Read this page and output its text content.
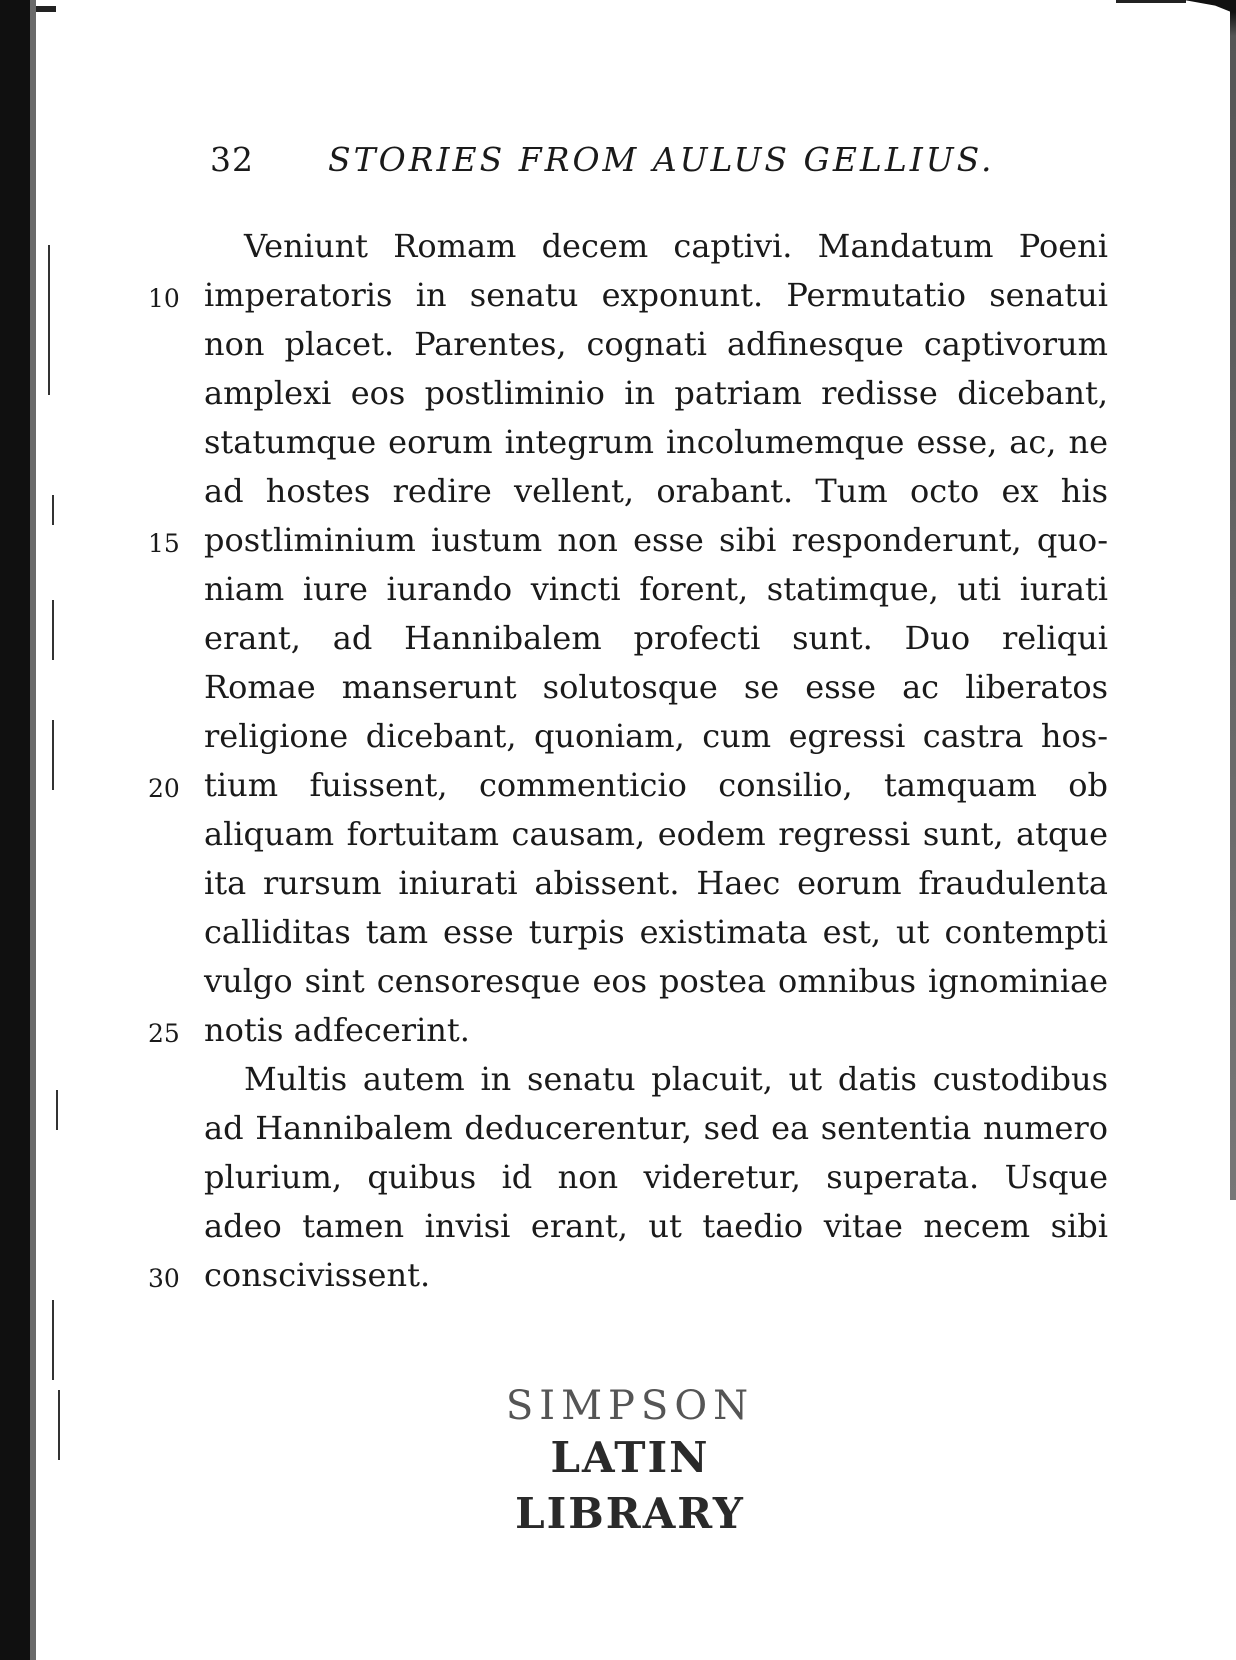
32 STORIES FROM AULUS GELLIUS.
Veniunt Romam decem captivi. Mandatum Poeni
10 imperatoris in senatu exponunt. Permutatio senatui
non placet. Parentes, cognati adfinesque captivorum
amplexi eos postliminio in patriam redisse dicebant,
statumque eorum integrum incolumemque esse, ac, ne
ad hostes redire vellent, orabant. Tum octo ex his
15 postliminium iustum non esse sibi responderunt, quo-
niam iure iurando vincti forent, statimque, uti iurati
erant, ad Hannibalem profecti sunt. Duo reliqui
Romae manserunt solutosque se esse ac liberatos
religione dicebant, quoniam, cum egressi castra hos-
20 tium fuissent, commenticio consilio, tamquam ob
aliquam fortuitam causam, eodem regressi sunt, atque
ita rursum iniurati abissent. Haec eorum fraudulenta
calliditas tam esse turpis existimata est, ut contempti
vulgo sint censoresque eos postea omnibus ignominiae
25 notis adfecerint.
Multis autem in senatu placuit, ut datis custodibus
ad Hannibalem deducerentur, sed ea sententia numero
plurium, quibus id non videretur, superata. Usque
adeo tamen invisi erant, ut taedio vitae necem sibi
30 conscivissent.
SIMPSON
LATIN LIBRARY
